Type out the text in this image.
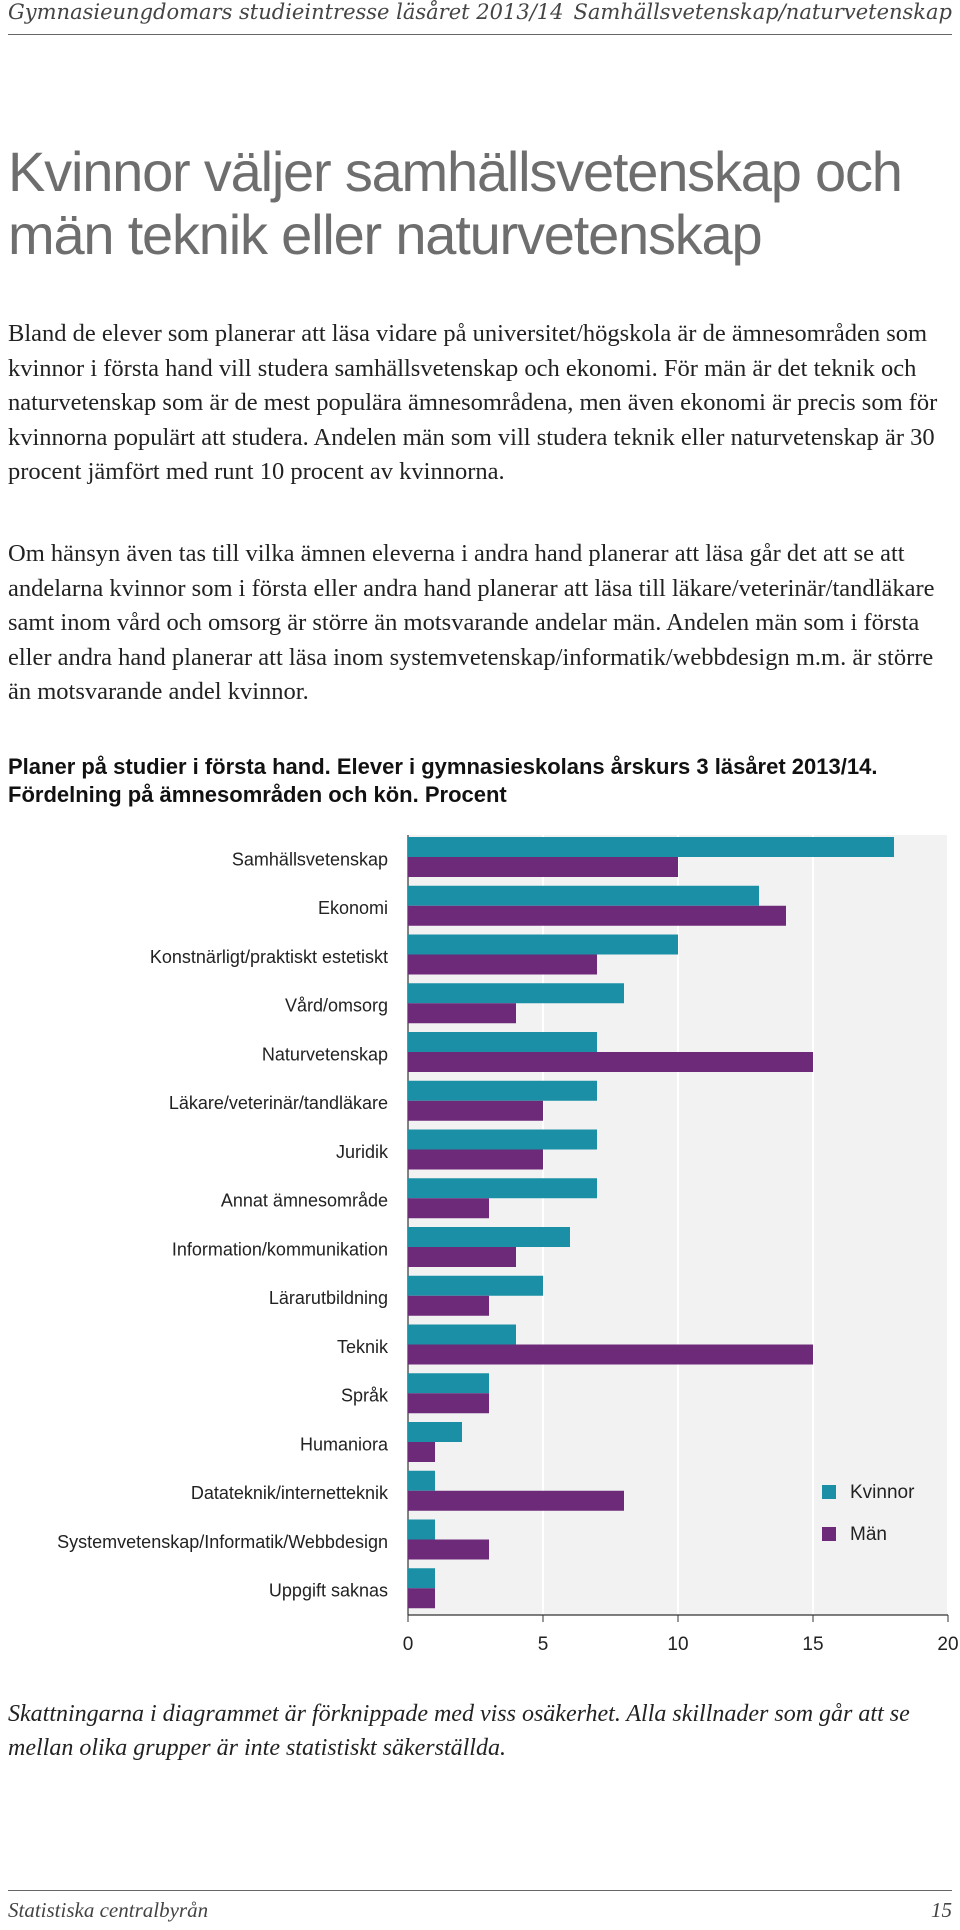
Gymnasieungdomars studieintresse läsåret 2013/14 Samhällsvetenskap/naturvetenskap
Kvinnor väljer samhällsvetenskap och män teknik eller naturvetenskap

Bland de elever som planerar att läsa vidare på universitet/högskola är de ämnesområden som kvinnor i första hand vill studera samhällsvetenskap och ekonomi. För män är det teknik och naturvetenskap som är de mest populära ämnesområdena, men även ekonomi är precis som för kvinnorna populärt att studera. Andelen män som vill studera teknik eller naturvetenskap är 30 procent jämfört med runt 10 procent av kvinnorna.

Om hänsyn även tas till vilka ämnen eleverna i andra hand planerar att läsa går det att se att andelarna kvinnor som i första eller andra hand planerar att läsa till läkare/veterinär/tandläkare samt inom vård och omsorg är större än motsvarande andelar män. Andelen män som i första eller andra hand planerar att läsa inom systemvetenskap/informatik/webbdesign m.m. är större än motsvarande andel kvinnor.

Planer på studier i första hand. Elever i gymnasieskolans årskurs 3 läsåret 2013/14. Fördelning på ämnesområden och kön. Procent

0	5	10	15	20
Samhällsvetenskap
Ekonomi
Konstnärligt/praktiskt estetiskt
Vård/omsorg
Naturvetenskap
Läkare/veterinär/tandläkare
Juridik
Annat ämnesområde
Information/kommunikation
Lärarutbildning
Teknik
Språk
Humaniora
Datateknik/internetteknik
Systemvetenskap/Informatik/Webbdesign
Uppgift saknas
Kvinnor
Män

Skattningarna i diagrammet är förknippade med viss osäkerhet. Alla skillnader som går att se mellan olika grupper är inte statistiskt säkerställda.

Statistiska centralbyrån	15
